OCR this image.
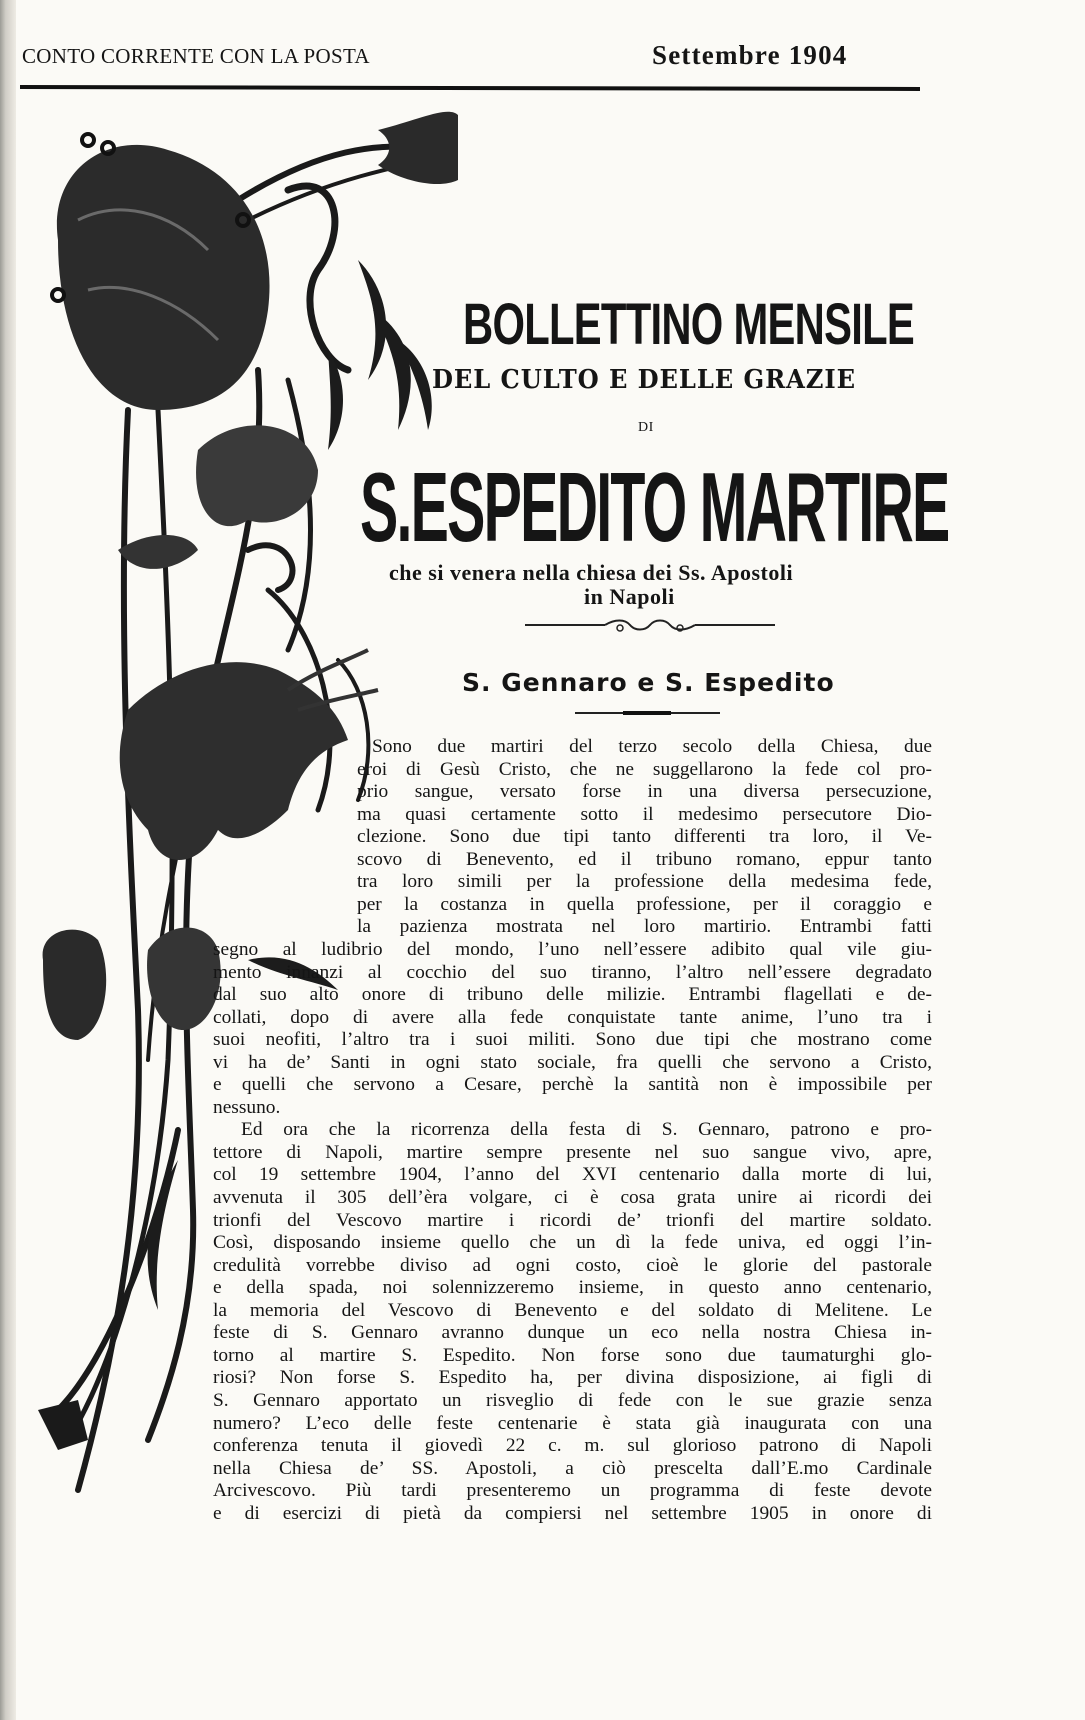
CONTO CORRENTE CON LA POSTA	Settembre 1904
BOLLETTINO MENSILE
DEL CULTO E DELLE GRAZIE
DI
S.ESPEDITO MARTIRE
che si venera nella chiesa dei Ss. Apostoli
in Napoli
S. Gennaro e S. Espedito
Sono due martiri del terzo secolo della Chiesa, due
eroi di Gesù Cristo, che ne suggellarono la fede col pro-
prio sangue, versato forse in una diversa persecuzione,
ma quasi certamente sotto il medesimo persecutore Dio-
clezione. Sono due tipi tanto differenti tra loro, il Ve-
scovo di Benevento, ed il tribuno romano, eppur tanto
tra loro simili per la professione della medesima fede,
per la costanza in quella professione, per il coraggio e
la pazienza mostrata nel loro martirio. Entrambi fatti
segno al ludibrio del mondo, l’uno nell’essere adibito qual vile giu-
mento innanzi al cocchio del suo tiranno, l’altro nell’essere degradato
dal suo alto onore di tribuno delle milizie. Entrambi flagellati e de-
collati, dopo di avere alla fede conquistate tante anime, l’uno tra i
suoi neofiti, l’altro tra i suoi militi. Sono due tipi che mostrano come
vi ha de’ Santi in ogni stato sociale, fra quelli che servono a Cristo,
e quelli che servono a Cesare, perchè la santità non è impossibile per
nessuno.
Ed ora che la ricorrenza della festa di S. Gennaro, patrono e pro-
tettore di Napoli, martire sempre presente nel suo sangue vivo, apre,
col 19 settembre 1904, l’anno del XVI centenario dalla morte di lui,
avvenuta il 305 dell’èra volgare, ci è cosa grata unire ai ricordi dei
trionfi del Vescovo martire i ricordi de’ trionfi del martire soldato.
Così, disposando insieme quello che un dì la fede univa, ed oggi l’in-
credulità vorrebbe diviso ad ogni costo, cioè le glorie del pastorale
e della spada, noi solennizzeremo insieme, in questo anno centenario,
la memoria del Vescovo di Benevento e del soldato di Melitene. Le
feste di S. Gennaro avranno dunque un eco nella nostra Chiesa in-
torno al martire S. Espedito. Non forse sono due taumaturghi glo-
riosi? Non forse S. Espedito ha, per divina disposizione, ai figli di
S. Gennaro apportato un risveglio di fede con le sue grazie senza
numero? L’eco delle feste centenarie è stata già inaugurata con una
conferenza tenuta il giovedì 22 c. m. sul glorioso patrono di Napoli
nella Chiesa de’ SS. Apostoli, a ciò prescelta dall’E.mo Cardinale
Arcivescovo. Più tardi presenteremo un programma di feste devote
e di esercizi di pietà da compiersi nel settembre 1905 in onore di
